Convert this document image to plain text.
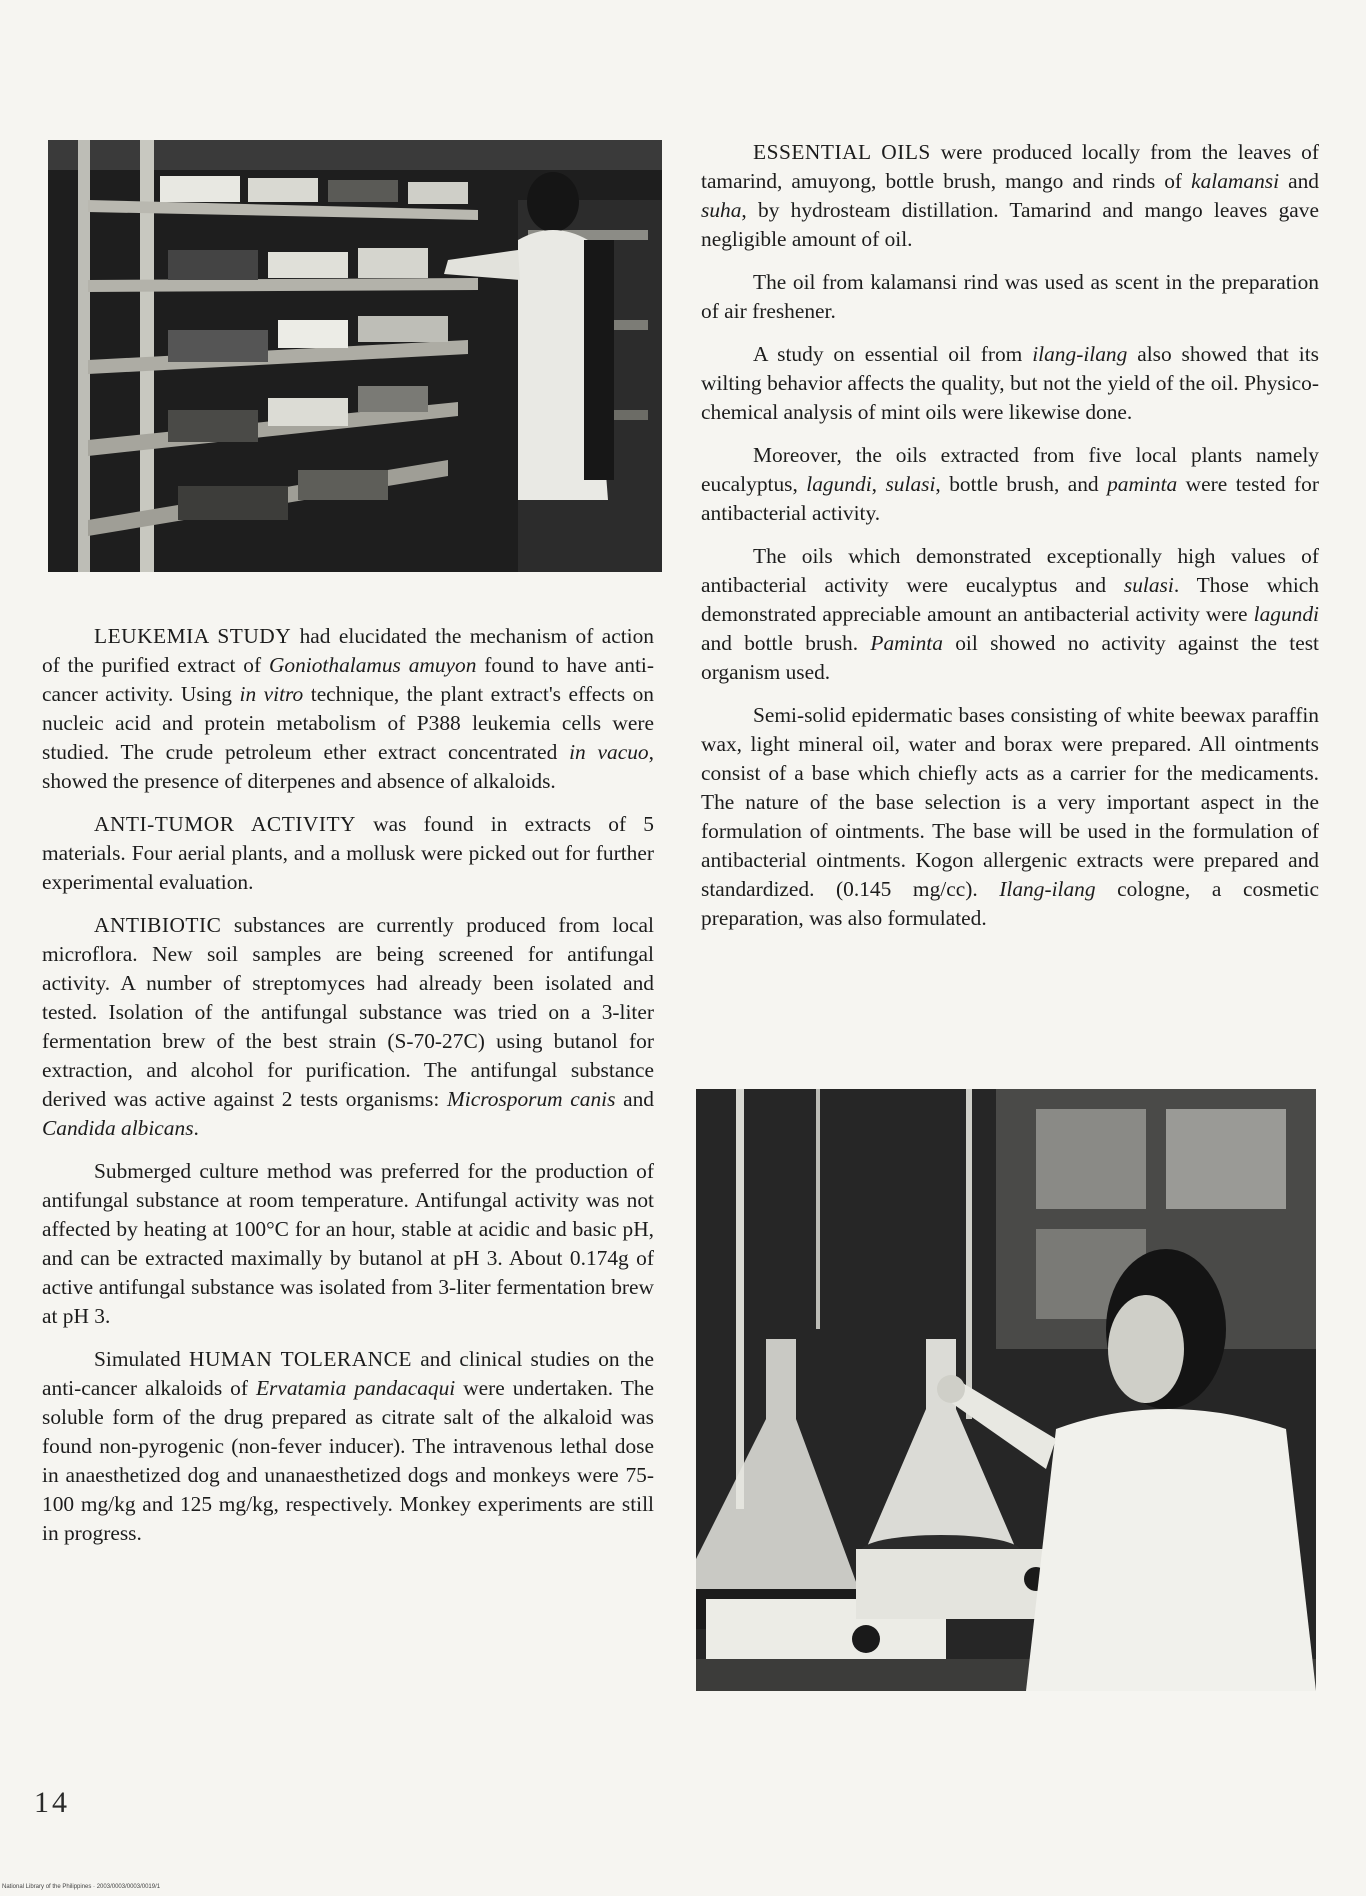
ESSENTIAL OILS were produced locally from the leaves of tamarind, amuyong, bottle brush, mango and rinds of kalamansi and suha, by hydrosteam distillation. Tamarind and mango leaves gave negligible amount of oil.

The oil from kalamansi rind was used as scent in the preparation of air freshener.

A study on essential oil from ilang-ilang also showed that its wilting behavior affects the quality, but not the yield of the oil. Physico-chemical analysis of mint oils were likewise done.

Moreover, the oils extracted from five local plants namely eucalyptus, lagundi, sulasi, bottle brush, and paminta were tested for antibacterial activity.

The oils which demonstrated exceptionally high values of antibacterial activity were eucalyptus and sulasi. Those which demonstrated appreciable amount an antibacterial activity were lagundi and bottle brush. Paminta oil showed no activity against the test organism used.

Semi-solid epidermatic bases consisting of white beewax paraffin wax, light mineral oil, water and borax were prepared. All ointments consist of a base which chiefly acts as a carrier for the medicaments. The nature of the base selection is a very important aspect in the formulation of ointments. The base will be used in the formulation of antibacterial ointments. Kogon allergenic extracts were prepared and standardized. (0.145 mg/cc). Ilang-ilang cologne, a cosmetic preparation, was also formulated.

LEUKEMIA STUDY had elucidated the mechanism of action of the purified extract of Goniothalamus amuyon found to have anti-cancer activity. Using in vitro technique, the plant extract's effects on nucleic acid and protein metabolism of P388 leukemia cells were studied. The crude petroleum ether extract concentrated in vacuo, showed the presence of diterpenes and absence of alkaloids.

ANTI-TUMOR ACTIVITY was found in extracts of 5 materials. Four aerial plants, and a mollusk were picked out for further experimental evaluation.

ANTIBIOTIC substances are currently produced from local microflora. New soil samples are being screened for antifungal activity. A number of streptomyces had already been isolated and tested. Isolation of the antifungal substance was tried on a 3-liter fermentation brew of the best strain (S-70-27C) using butanol for extraction, and alcohol for purification. The antifungal substance derived was active against 2 tests organisms: Microsporum canis and Candida albicans.

Submerged culture method was preferred for the production of antifungal substance at room temperature. Antifungal activity was not affected by heating at 100°C for an hour, stable at acidic and basic pH, and can be extracted maximally by butanol at pH 3. About 0.174g of active antifungal substance was isolated from 3-liter fermentation brew at pH 3.

Simulated HUMAN TOLERANCE and clinical studies on the anti-cancer alkaloids of Ervatamia pandacaqui were undertaken. The soluble form of the drug prepared as citrate salt of the alkaloid was found non-pyrogenic (non-fever inducer). The intravenous lethal dose in anaesthetized dog and unanaesthetized dogs and monkeys were 75-100 mg/kg and 125 mg/kg, respectively. Monkey experiments are still in progress.

14
National Library of the Philippines · 2003/0003/0003/0019/1
